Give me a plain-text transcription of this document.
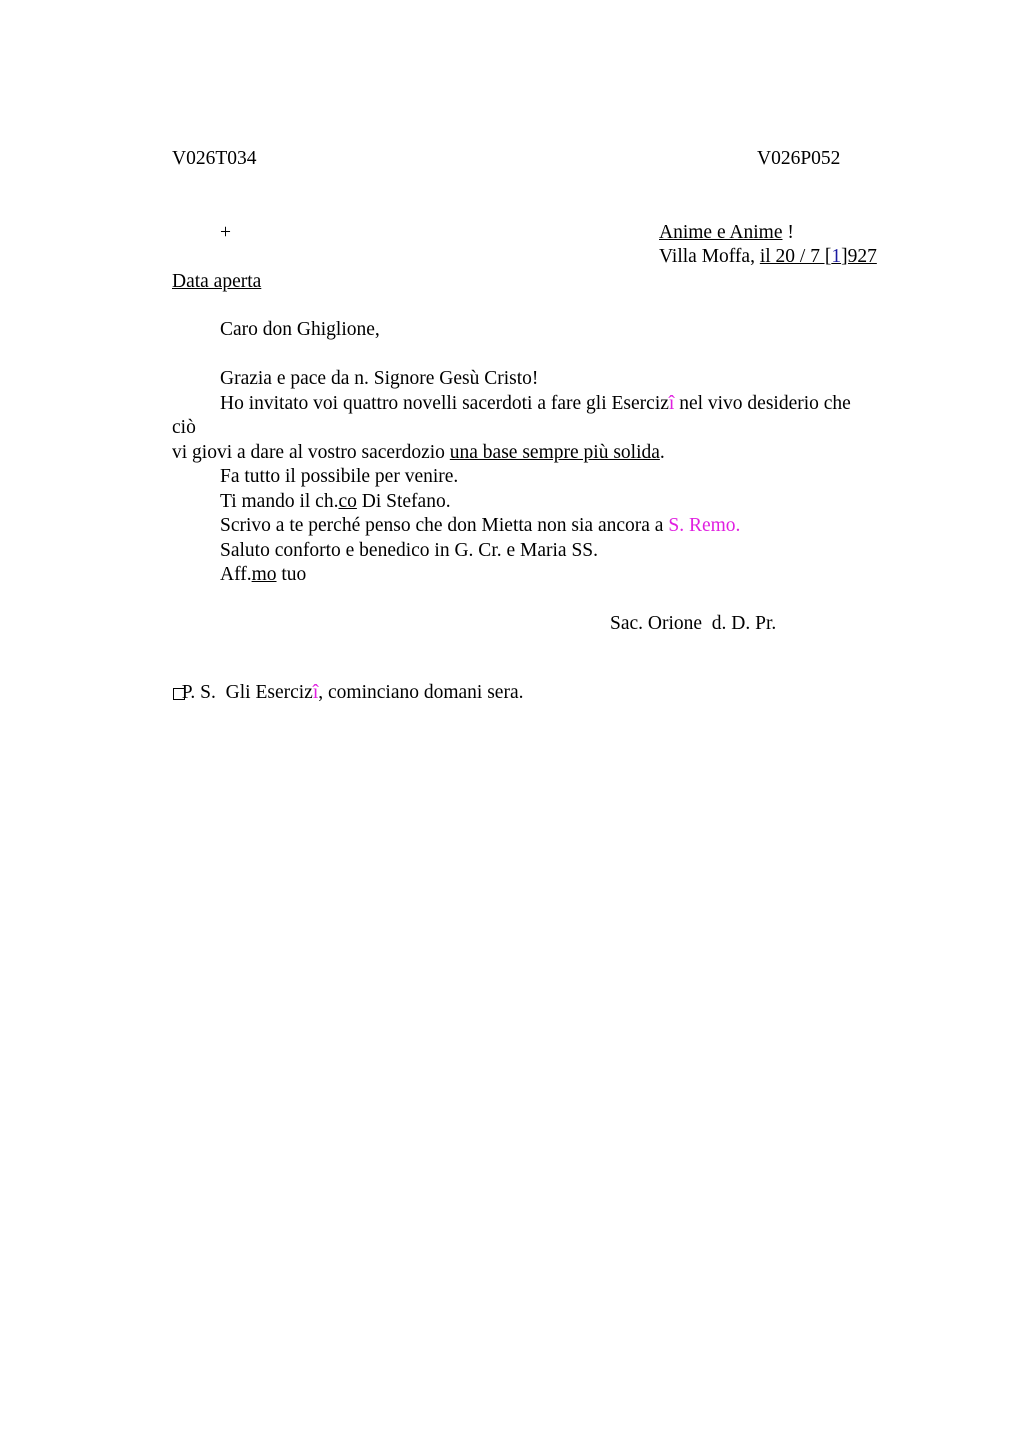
V026T034	V026P052
+	Anime e Anime !
Villa Moffa, il 20 / 7 [1]927
Data aperta
Caro don Ghiglione,
Grazia e pace da n. Signore Gesù Cristo!
Ho invitato voi quattro novelli sacerdoti a fare gli Esercizî nel vivo desiderio che
ciò
vi giovi a dare al vostro sacerdozio una base sempre più solida.
Fa tutto il possibile per venire.
Ti mando il ch.co Di Stefano.
Scrivo a te perché penso che don Mietta non sia ancora a S. Remo.
Saluto conforto e benedico in G. Cr. e Maria SS.
Aff.mo tuo
Sac. Orione  d. D. Pr.

P. S.  Gli Esercizî, cominciano domani sera.
